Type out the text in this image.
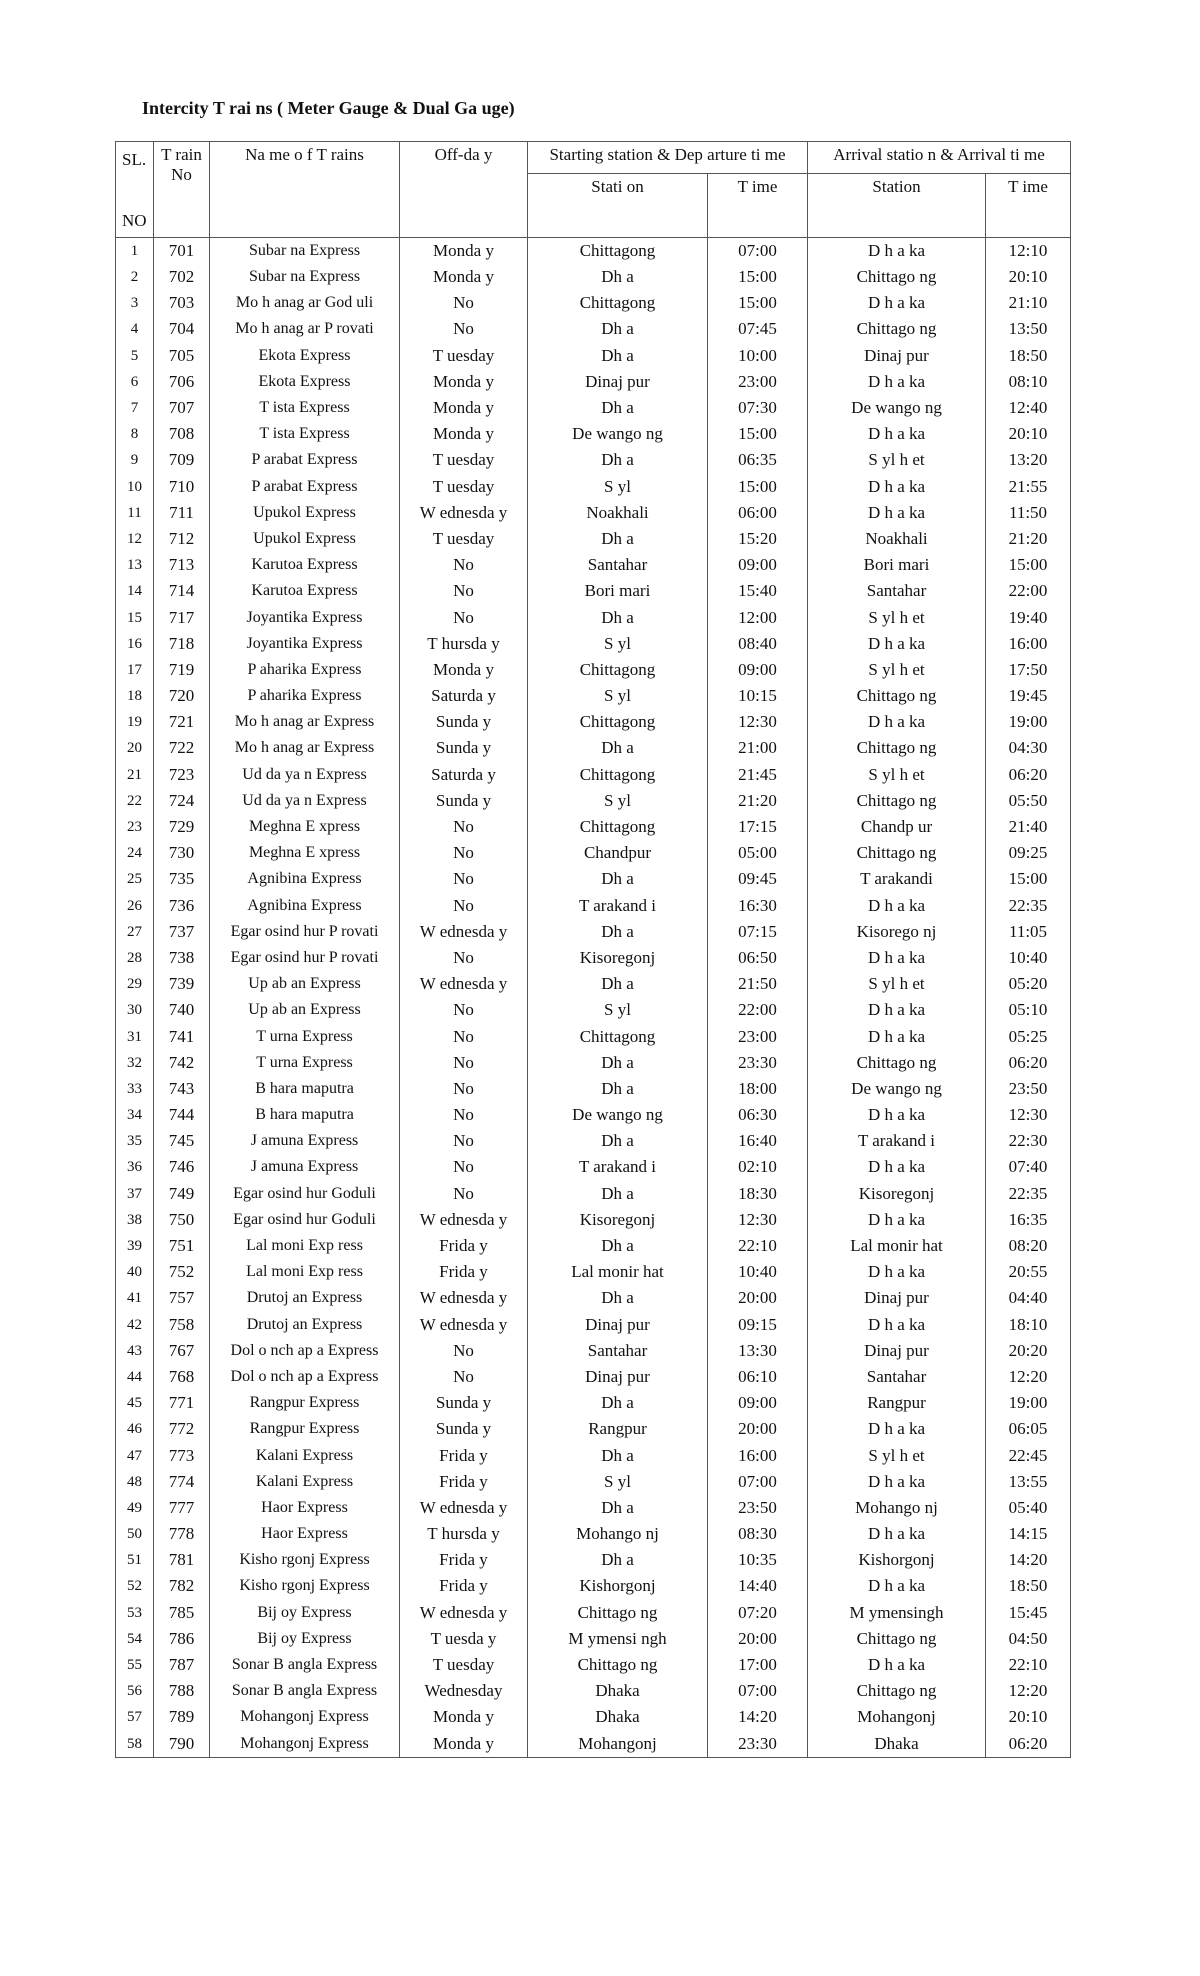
Intercity T rai ns ( Meter Gauge & Dual Ga uge)
SL.

NO	T rain No	Na me o f T rains	Off-da y	Starting station & Dep arture ti me		Arrival statio n & Arrival ti me	
				Stati on	T ime	Station	T ime
1	701	Subar na Express	Monda y	Chittagong	07:00	D h a ka	12:10
2	702	Subar na Express	Monda y	Dh a	15:00	Chittago ng	20:10
3	703	Mo h anag ar God uli	No	Chittagong	15:00	D h a ka	21:10
4	704	Mo h anag ar P rovati	No	Dh a	07:45	Chittago ng	13:50
5	705	Ekota Express	T uesday	Dh a	10:00	Dinaj pur	18:50
6	706	Ekota Express	Monda y	Dinaj pur	23:00	D h a ka	08:10
7	707	T ista Express	Monda y	Dh a	07:30	De wango ng	12:40
8	708	T ista Express	Monda y	De wango ng	15:00	D h a ka	20:10
9	709	P arabat Express	T uesday	Dh a	06:35	S yl h et	13:20
10	710	P arabat Express	T uesday	S yl	15:00	D h a ka	21:55
11	711	Upukol Express	W ednesda y	Noakhali	06:00	D h a ka	11:50
12	712	Upukol Express	T uesday	Dh a	15:20	Noakhali	21:20
13	713	Karutoa Express	No	Santahar	09:00	Bori mari	15:00
14	714	Karutoa Express	No	Bori mari	15:40	Santahar	22:00
15	717	Joyantika Express	No	Dh a	12:00	S yl h et	19:40
16	718	Joyantika Express	T hursda y	S yl	08:40	D h a ka	16:00
17	719	P aharika Express	Monda y	Chittagong	09:00	S yl h et	17:50
18	720	P aharika Express	Saturda y	S yl	10:15	Chittago ng	19:45
19	721	Mo h anag ar Express	Sunda y	Chittagong	12:30	D h a ka	19:00
20	722	Mo h anag ar Express	Sunda y	Dh a	21:00	Chittago ng	04:30
21	723	Ud da ya n Express	Saturda y	Chittagong	21:45	S yl h et	06:20
22	724	Ud da ya n Express	Sunda y	S yl	21:20	Chittago ng	05:50
23	729	Meghna E xpress	No	Chittagong	17:15	Chandp ur	21:40
24	730	Meghna E xpress	No	Chandpur	05:00	Chittago ng	09:25
25	735	Agnibina Express	No	Dh a	09:45	T arakandi	15:00
26	736	Agnibina Express	No	T arakand i	16:30	D h a ka	22:35
27	737	Egar osind hur P rovati	W ednesda y	Dh a	07:15	Kisorego nj	11:05
28	738	Egar osind hur P rovati	No	Kisoregonj	06:50	D h a ka	10:40
29	739	Up ab an Express	W ednesda y	Dh a	21:50	S yl h et	05:20
30	740	Up ab an Express	No	S yl	22:00	D h a ka	05:10
31	741	T urna Express	No	Chittagong	23:00	D h a ka	05:25
32	742	T urna Express	No	Dh a	23:30	Chittago ng	06:20
33	743	B hara maputra	No	Dh a	18:00	De wango ng	23:50
34	744	B hara maputra	No	De wango ng	06:30	D h a ka	12:30
35	745	J amuna Express	No	Dh a	16:40	T arakand i	22:30
36	746	J amuna Express	No	T arakand i	02:10	D h a ka	07:40
37	749	Egar osind hur Goduli	No	Dh a	18:30	Kisoregonj	22:35
38	750	Egar osind hur Goduli	W ednesda y	Kisoregonj	12:30	D h a ka	16:35
39	751	Lal moni Exp ress	Frida y	Dh a	22:10	Lal monir hat	08:20
40	752	Lal moni Exp ress	Frida y	Lal monir hat	10:40	D h a ka	20:55
41	757	Drutoj an Express	W ednesda y	Dh a	20:00	Dinaj pur	04:40
42	758	Drutoj an Express	W ednesda y	Dinaj pur	09:15	D h a ka	18:10
43	767	Dol o nch ap a Express	No	Santahar	13:30	Dinaj pur	20:20
44	768	Dol o nch ap a Express	No	Dinaj pur	06:10	Santahar	12:20
45	771	Rangpur Express	Sunda y	Dh a	09:00	Rangpur	19:00
46	772	Rangpur Express	Sunda y	Rangpur	20:00	D h a ka	06:05
47	773	Kalani Express	Frida y	Dh a	16:00	S yl h et	22:45
48	774	Kalani Express	Frida y	S yl	07:00	D h a ka	13:55
49	777	Haor Express	W ednesda y	Dh a	23:50	Mohango nj	05:40
50	778	Haor Express	T hursda y	Mohango nj	08:30	D h a ka	14:15
51	781	Kisho rgonj Express	Frida y	Dh a	10:35	Kishorgonj	14:20
52	782	Kisho rgonj Express	Frida y	Kishorgonj	14:40	D h a ka	18:50
53	785	Bij oy Express	W ednesda y	Chittago ng	07:20	M ymensingh	15:45
54	786	Bij oy Express	T uesda y	M ymensi ngh	20:00	Chittago ng	04:50
55	787	Sonar B angla Express	T uesday	Chittago ng	17:00	D h a ka	22:10
56	788	Sonar B angla Express	Wednesday	Dhaka	07:00	Chittago ng	12:20
57	789	Mohangonj Express	Monda y	Dhaka	14:20	Mohangonj	20:10
58	790	Mohangonj Express	Monda y	Mohangonj	23:30	Dhaka	06:20
